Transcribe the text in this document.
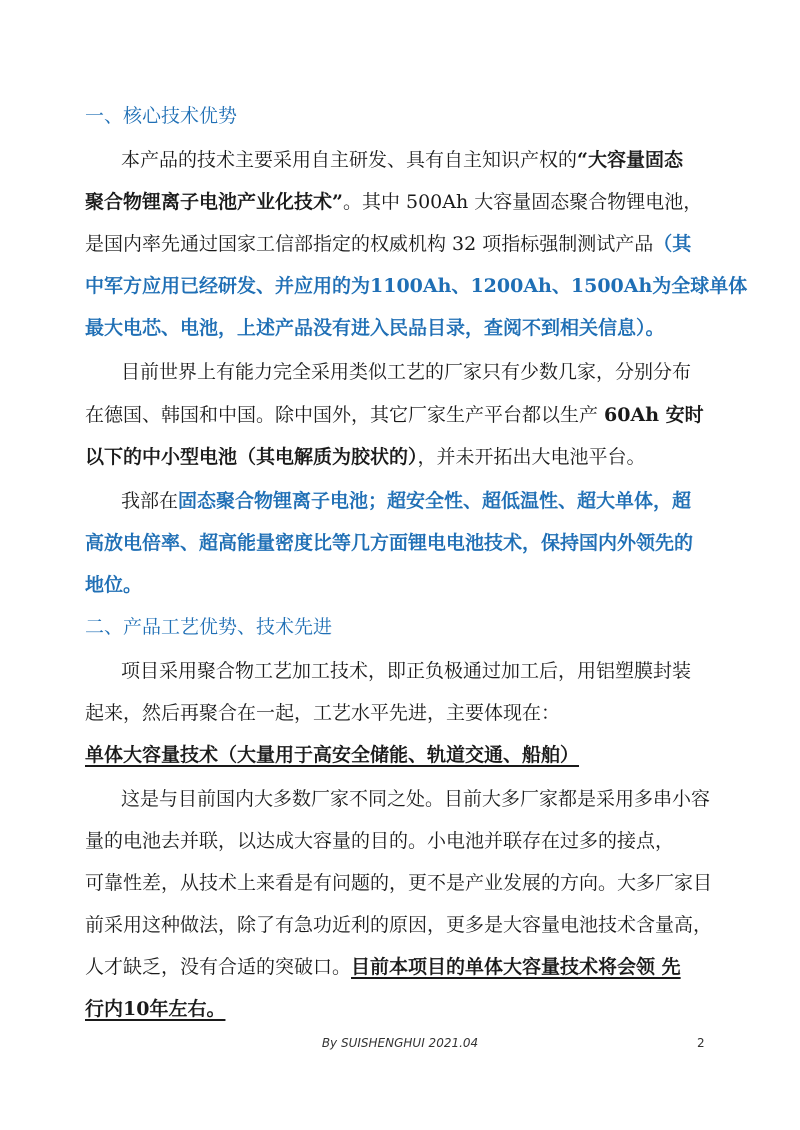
一、核心技术优势
本产品的技术主要采用自主研发、具有自主知识产权的“大容量固态
聚合物锂离子电池产业化技术”。其中 500Ah 大容量固态聚合物锂电池，
是国内率先通过国家工信部指定的权威机构 32 项指标强制测试产品（其
中军方应用已经研发、并应用的为1100Ah、1200Ah、1500Ah为全球单体
最大电芯、电池，上述产品没有进入民品目录，查阅不到相关信息）。
目前世界上有能力完全采用类似工艺的厂家只有少数几家，分别分布
在德国、韩国和中国。除中国外，其它厂家生产平台都以生产 60Ah 安时
以下的中小型电池（其电解质为胶状的），并未开拓出大电池平台。
我部在固态聚合物锂离子电池；超安全性、超低温性、超大单体，超
高放电倍率、超高能量密度比等几方面锂电电池技术，保持国内外领先的
地位。
二、产品工艺优势、技术先进
项目采用聚合物工艺加工技术，即正负极通过加工后，用铝塑膜封装
起来，然后再聚合在一起，工艺水平先进，主要体现在：
单体大容量技术（大量用于高安全储能、轨道交通、船舶）
这是与目前国内大多数厂家不同之处。目前大多厂家都是采用多串小容
量的电池去并联，以达成大容量的目的。小电池并联存在过多的接点，
可靠性差，从技术上来看是有问题的，更不是产业发展的方向。大多厂家目
前采用这种做法，除了有急功近利的原因，更多是大容量电池技术含量高，
人才缺乏，没有合适的突破口。目前本项目的单体大容量技术将会领 先
行内10年左右。
By SUISHENGHUI 2021.04	2
